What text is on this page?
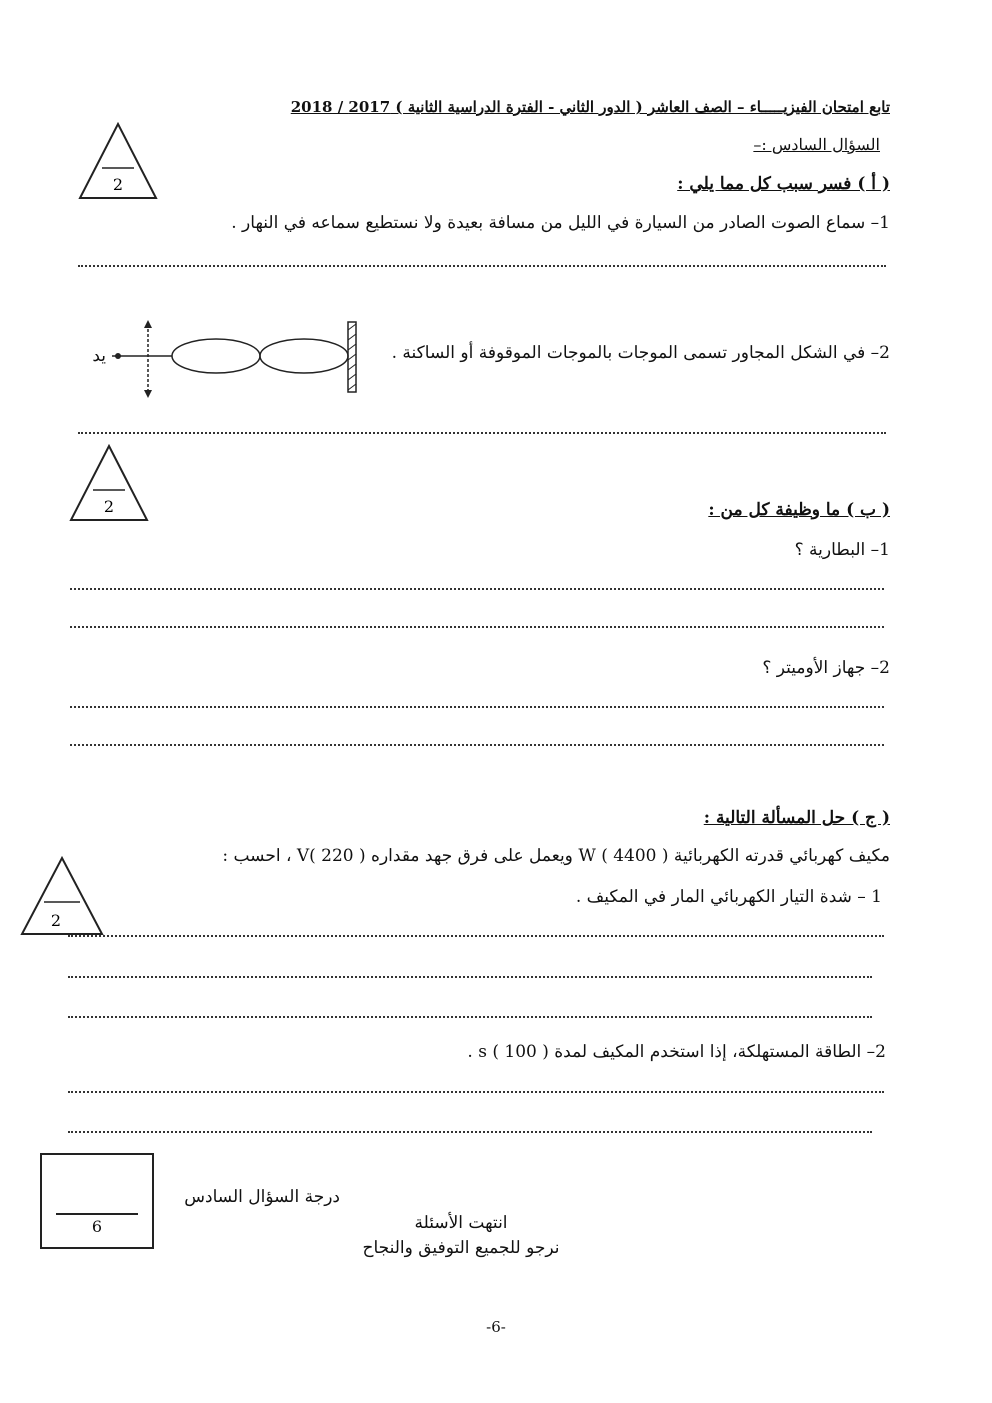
تابع امتحان الفيزيـــــاء – الصف العاشر ( الدور الثاني - الفترة الدراسية الثانية ) 2017 / 2018
السؤال السادس :–
2	( أ ) فسر سبب كل مما يلي :
1– سماع الصوت الصادر من السيارة في الليل من مسافة بعيدة ولا نستطيع سماعه في النهار .
يد	2– في الشكل المجاور تسمى الموجات بالموجات الموقوفة أو الساكنة .
2	( ب ) ما وظيفة كل من :
1– البطارية ؟
2– جهاز الأوميتر ؟
( ج ) حل المسألة التالية :
مكيف كهربائي قدرته الكهربائية W ( 4400 ) ويعمل على فرق جهد مقداره V( 220 ) ، احسب :
2
1 – شدة التيار الكهربائي المار في المكيف .
2– الطاقة المستهلكة، إذا استخدم المكيف لمدة s ( 100 ) .
6
درجة السؤال السادس
انتهت الأسئلة
نرجو للجميع التوفيق والنجاح
-6-
